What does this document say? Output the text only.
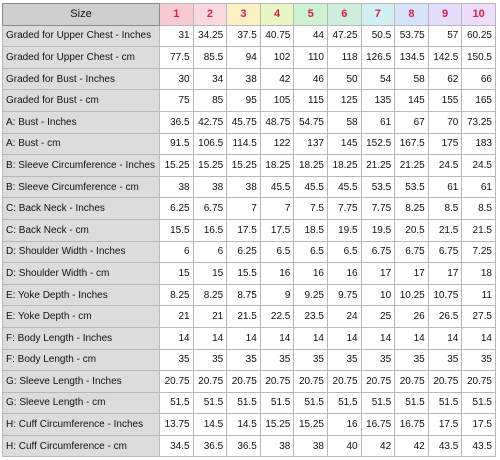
Size	1	2	3	4	5	6	7	8	9	10
Graded for Upper Chest - Inches	31	34.25	37.5	40.75	44	47.25	50.5	53.75	57	60.25
Graded for Upper Chest - cm	77.5	85.5	94	102	110	118	126.5	134.5	142.5	150.5
Graded for Bust - Inches	30	34	38	42	46	50	54	58	62	66
Graded for Bust - cm	75	85	95	105	115	125	135	145	155	165
A: Bust - Inches	36.5	42.75	45.75	48.75	54.75	58	61	67	70	73.25
A: Bust - cm	91.5	106.5	114.5	122	137	145	152.5	167.5	175	183
B: Sleeve Circumference - Inches	15.25	15.25	15.25	18.25	18.25	18.25	21.25	21.25	24.5	24.5
B: Sleeve Circumference - cm	38	38	38	45.5	45.5	45.5	53.5	53.5	61	61
C: Back Neck - Inches	6.25	6.75	7	7	7.5	7.75	7.75	8.25	8.5	8.5
C: Back Neck - cm	15.5	16.5	17.5	17.5	18.5	19.5	19.5	20.5	21.5	21.5
D: Shoulder Width - Inches	6	6	6.25	6.5	6.5	6.5	6.75	6.75	6.75	7.25
D: Shoulder Width - cm	15	15	15.5	16	16	16	17	17	17	18
E: Yoke Depth - Inches	8.25	8.25	8.75	9	9.25	9.75	10	10.25	10.75	11
E: Yoke Depth - cm	21	21	21.5	22.5	23.5	24	25	26	26.5	27.5
F: Body Length - Inches	14	14	14	14	14	14	14	14	14	14
F: Body Length - cm	35	35	35	35	35	35	35	35	35	35
G: Sleeve Length - Inches	20.75	20.75	20.75	20.75	20.75	20.75	20.75	20.75	20.75	20.75
G: Sleeve Length - cm	51.5	51.5	51.5	51.5	51.5	51.5	51.5	51.5	51.5	51.5
H: Cuff Circumference - Inches	13.75	14.5	14.5	15.25	15.25	16	16.75	16.75	17.5	17.5
H: Cuff Circumference - cm	34.5	36.5	36.5	38	38	40	42	42	43.5	43.5
